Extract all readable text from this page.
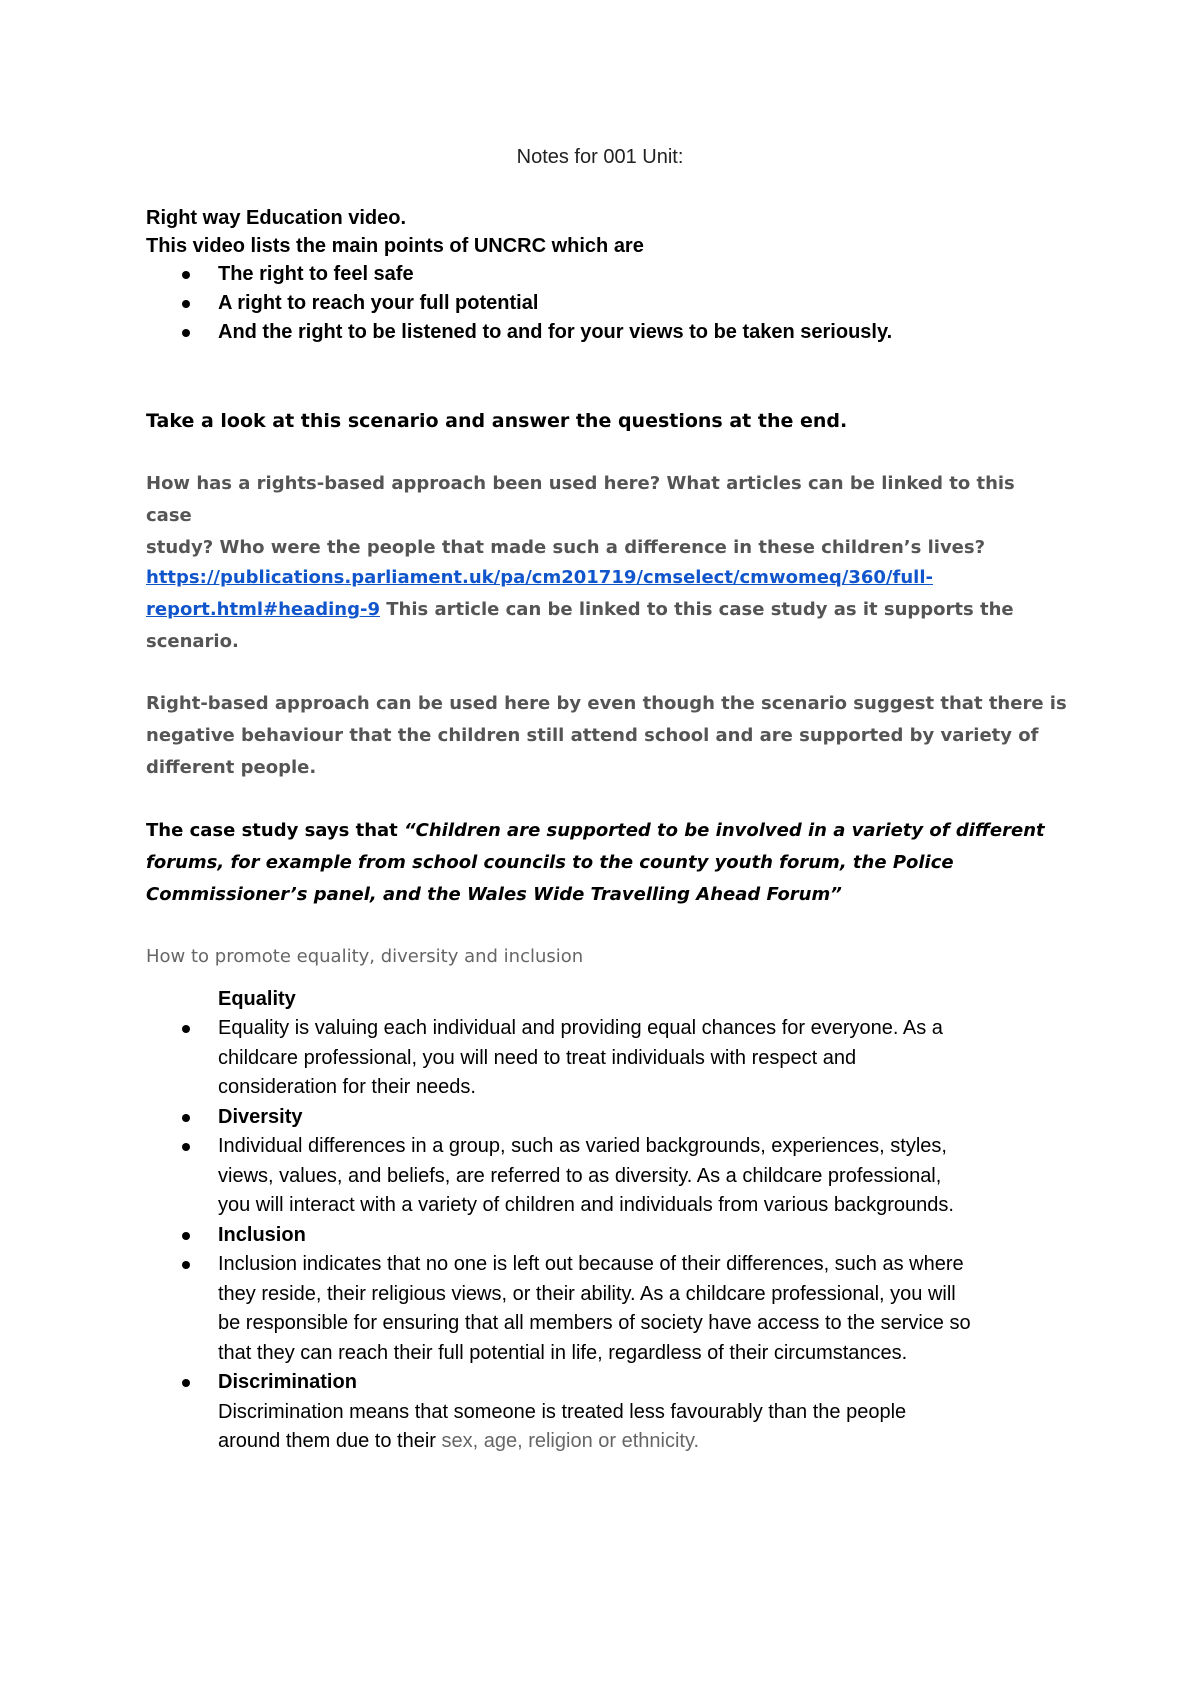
Notes for 001 Unit:

Right way Education video.

This video lists the main points of UNCRC which are

The right to feel safe
A right to reach your full potential
And the right to be listened to and for your views to be taken seriously.
Take a look at this scenario and answer the questions at the end.

How has a rights-based approach been used here? What articles can be linked to this case

study? Who were the people that made such a difference in these children’s lives?

https://publications.parliament.uk/pa/cm201719/cmselect/cmwomeq/360/full-

report.html#heading-9 This article can be linked to this case study as it supports the

scenario.

Right-based approach can be used here by even though the scenario suggest that there is

negative behaviour that the children still attend school and are supported by variety of

different people.

The case study says that “Children are supported to be involved in a variety of different

forums, for example from school councils to the county youth forum, the Police

Commissioner’s panel, and the Wales Wide Travelling Ahead Forum”

How to promote equality, diversity and inclusion
Equality
Equality is valuing each individual and providing equal chances for everyone. As a
childcare professional, you will need to treat individuals with respect and
consideration for their needs.
Diversity
Individual differences in a group, such as varied backgrounds, experiences, styles,
views, values, and beliefs, are referred to as diversity. As a childcare professional,
you will interact with a variety of children and individuals from various backgrounds.
Inclusion
Inclusion indicates that no one is left out because of their differences, such as where
they reside, their religious views, or their ability. As a childcare professional, you will
be responsible for ensuring that all members of society have access to the service so
that they can reach their full potential in life, regardless of their circumstances.
Discrimination
Discrimination means that someone is treated less favourably than the people
around them due to their sex, age, religion or ethnicity.
